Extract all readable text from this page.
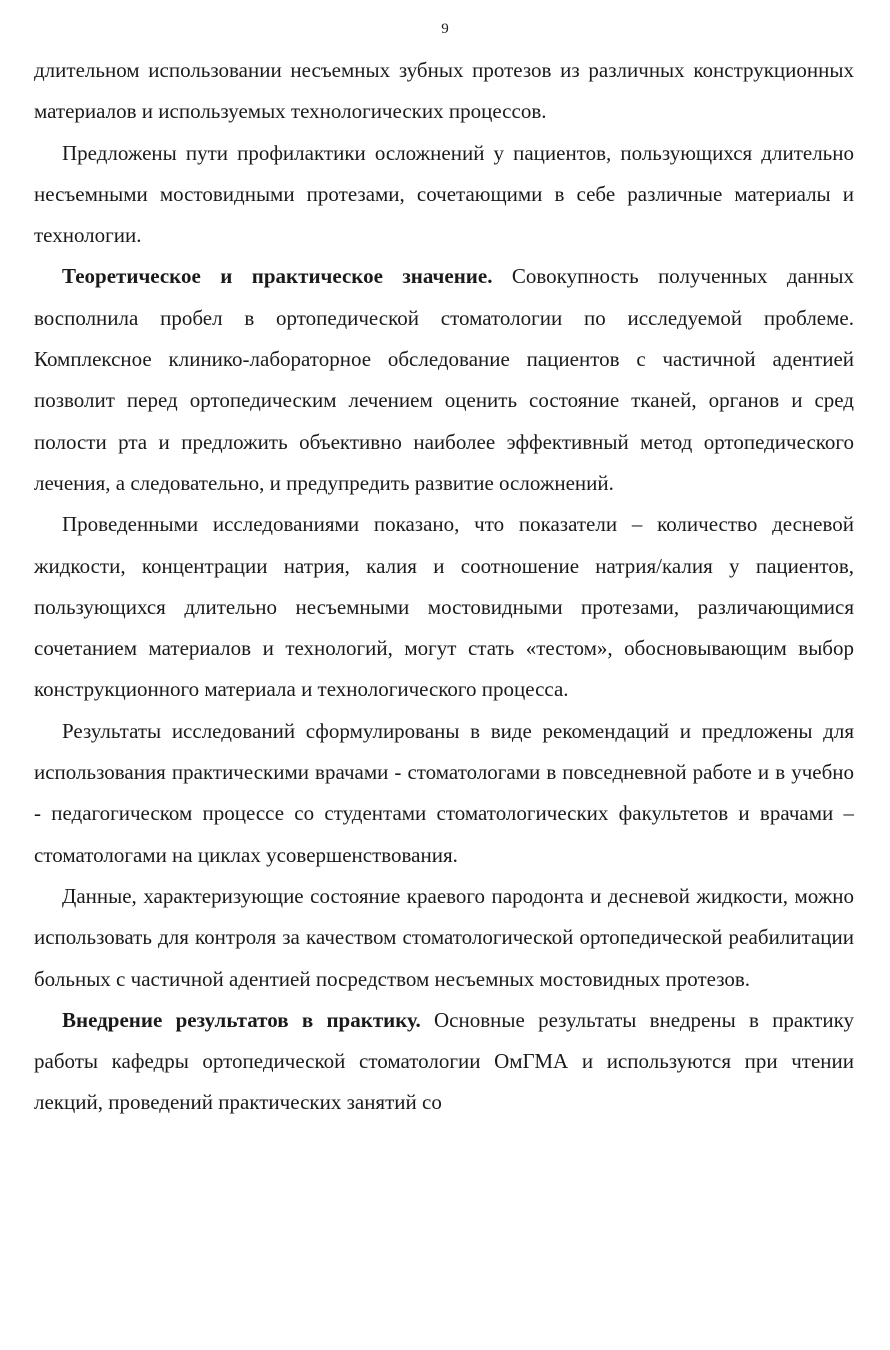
9

длительном использовании несъемных зубных протезов из различных конструкционных материалов и используемых технологических процессов.

Предложены пути профилактики осложнений у пациентов, пользующихся длительно несъемными мостовидными протезами, сочетающими в себе различные материалы и технологии.

Теоретическое и практическое значение. Совокупность полученных данных восполнила пробел в ортопедической стоматологии по исследуемой проблеме. Комплексное клинико-лабораторное обследование пациентов с частичной адентией позволит перед ортопедическим лечением оценить состояние тканей, органов и сред полости рта и предложить объективно наиболее эффективный метод ортопедического лечения, а следовательно, и предупредить развитие осложнений.

Проведенными исследованиями показано, что показатели – количество десневой жидкости, концентрации натрия, калия и соотношение натрия/калия у пациентов, пользующихся длительно несъемными мостовидными протезами, различающимися сочетанием материалов и технологий, могут стать «тестом», обосновывающим выбор конструкционного материала и технологического процесса.

Результаты исследований сформулированы в виде рекомендаций и предложены для использования практическими врачами - стоматологами в повседневной работе и в учебно - педагогическом процессе со студентами стоматологических факультетов и врачами – стоматологами на циклах усовершенствования.

Данные, характеризующие состояние краевого пародонта и десневой жидкости, можно использовать для контроля за качеством стоматологической ортопедической реабилитации больных с частичной адентией посредством несъемных мостовидных протезов.

Внедрение результатов в практику. Основные результаты внедрены в практику работы кафедры ортопедической стоматологии ОмГМА и используются при чтении лекций, проведений практических занятий со
